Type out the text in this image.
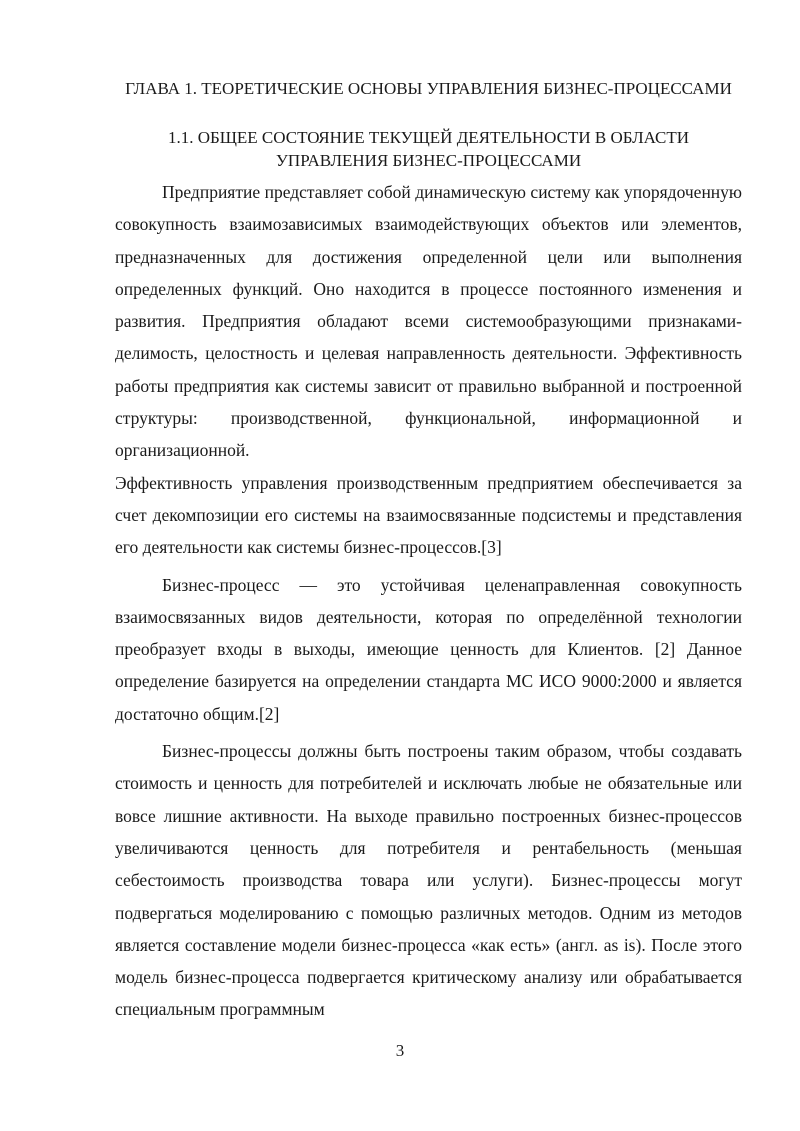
ГЛАВА 1. ТЕОРЕТИЧЕСКИЕ ОСНОВЫ УПРАВЛЕНИЯ БИЗНЕС-ПРОЦЕССАМИ
1.1. ОБЩЕЕ СОСТОЯНИЕ ТЕКУЩЕЙ ДЕЯТЕЛЬНОСТИ В ОБЛАСТИ УПРАВЛЕНИЯ БИЗНЕС-ПРОЦЕССАМИ

Предприятие представляет собой динамическую систему как упорядоченную совокупность взаимозависимых взаимодействующих объектов или элементов, предназначенных для достижения определенной цели или выполнения определенных функций. Оно находится в процессе постоянного изменения и развития. Предприятия обладают всеми системообразующими признаками- делимость, целостность и целевая направленность деятельности. Эффективность работы предприятия как системы зависит от правильно выбранной и построенной структуры: производственной, функциональной, информационной и организационной.

Эффективность управления производственным предприятием обеспечивается за счет декомпозиции его системы на взаимосвязанные подсистемы и представления его деятельности как системы бизнес-процессов.[3]

Бизнес-процесс — это устойчивая целенаправленная совокупность взаимосвязанных видов деятельности, которая по определённой технологии преобразует входы в выходы, имеющие ценность для Клиентов. [2] Данное определение базируется на определении стандарта МС ИСО 9000:2000 и является достаточно общим.[2]

Бизнес-процессы должны быть построены таким образом, чтобы создавать стоимость и ценность для потребителей и исключать любые не обязательные или вовсе лишние активности. На выходе правильно построенных бизнес-процессов увеличиваются ценность для потребителя и рентабельность (меньшая себестоимость производства товара или услуги). Бизнес-процессы могут подвергаться моделированию с помощью различных методов. Одним из методов является составление модели бизнес-процесса «как есть» (англ. as is). После этого модель бизнес-процесса подвергается критическому анализу или обрабатывается специальным программным

3
